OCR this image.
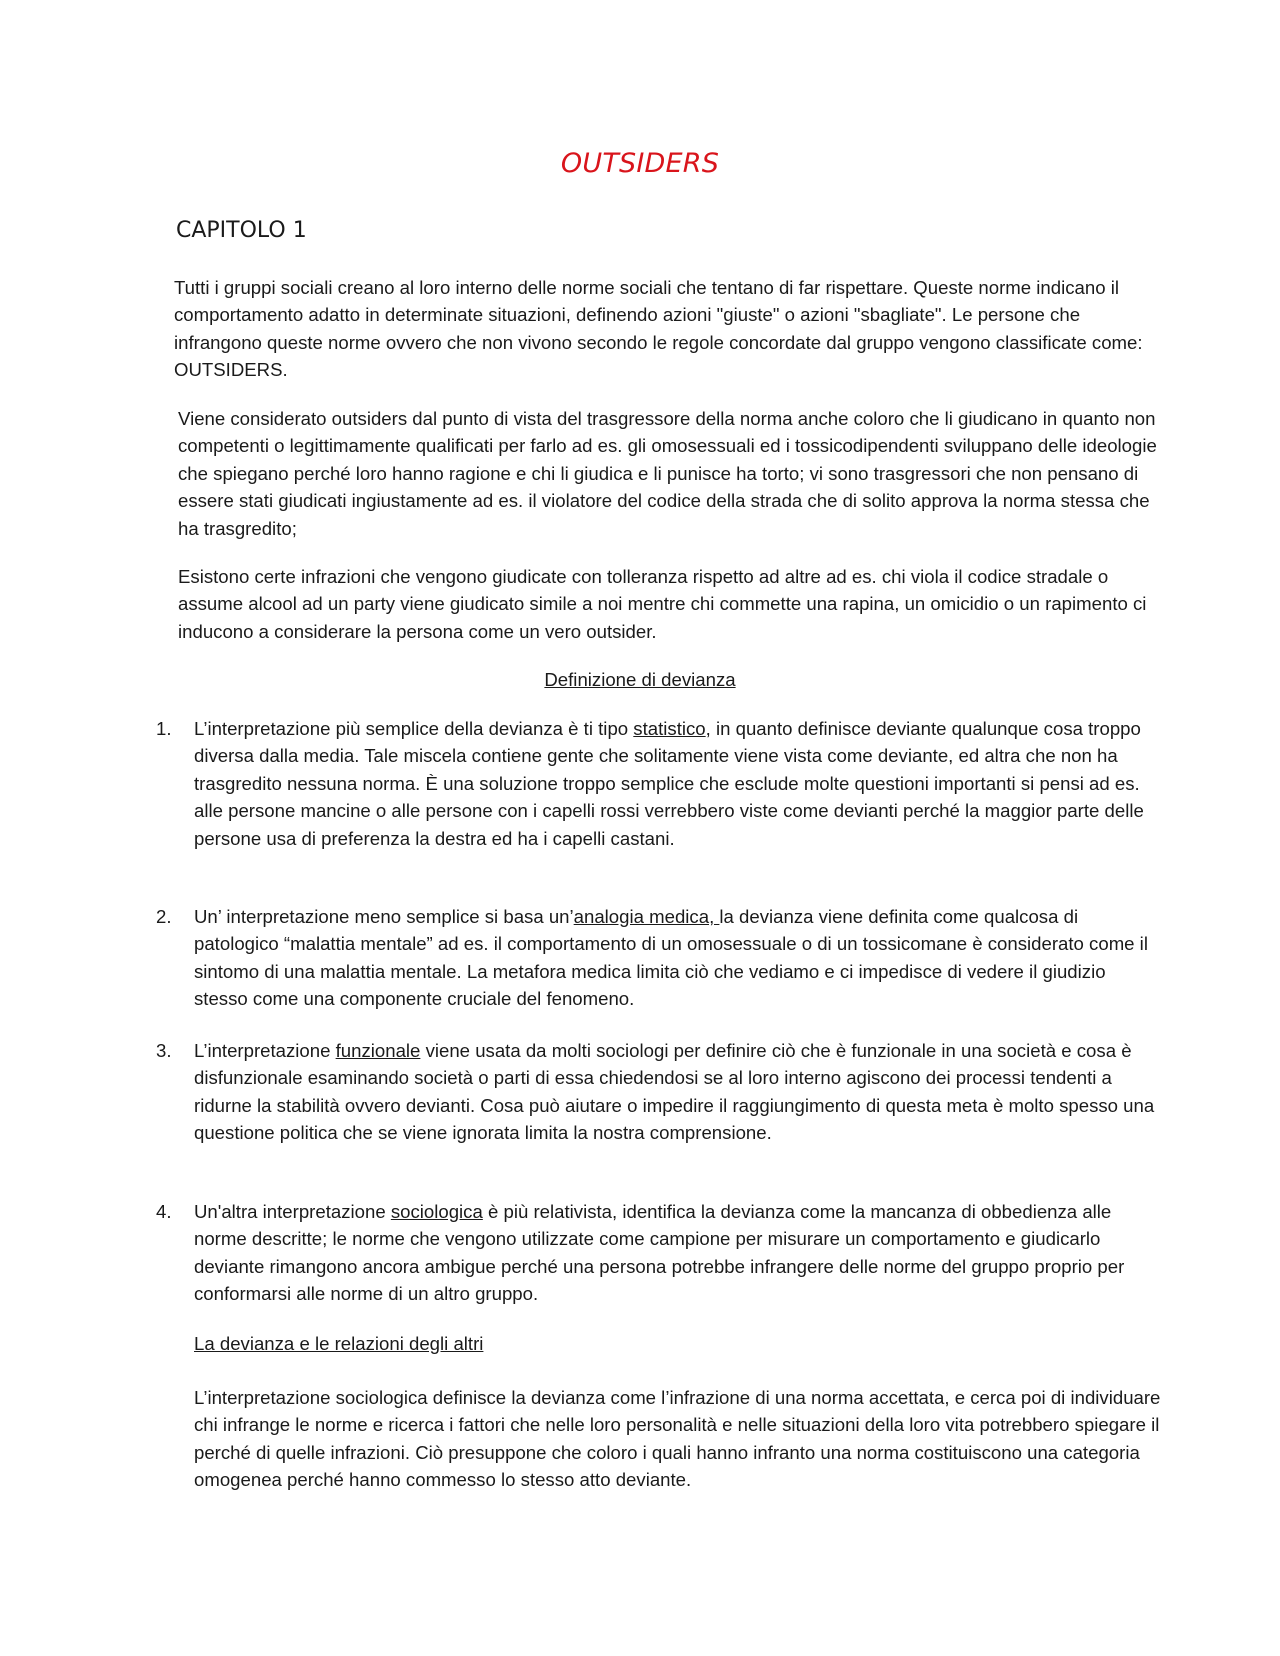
OUTSIDERS
CAPITOLO 1

Tutti i gruppi sociali creano al loro interno delle norme sociali che tentano di far rispettare. Queste norme indicano il comportamento adatto in determinate situazioni, definendo azioni "giuste" o azioni "sbagliate". Le persone che infrangono queste norme ovvero che non vivono secondo le regole concordate dal gruppo vengono classificate come: OUTSIDERS.

Viene considerato outsiders dal punto di vista del trasgressore della norma anche coloro che li giudicano in quanto non competenti o legittimamente qualificati per farlo ad es. gli omosessuali ed i tossicodipendenti sviluppano delle ideologie che spiegano perché loro hanno ragione e chi li giudica e li punisce ha torto; vi sono trasgressori che non pensano di essere stati giudicati ingiustamente ad es. il violatore del codice della strada che di solito approva la norma stessa che ha trasgredito;

Esistono certe infrazioni che vengono giudicate con tolleranza rispetto ad altre ad es. chi viola il codice stradale o assume alcool ad un party viene giudicato simile a noi mentre chi commette una rapina, un omicidio o un rapimento ci inducono a considerare la persona come un vero outsider.

Definizione di devianza
1. L’interpretazione più semplice della devianza è ti tipo statistico, in quanto definisce deviante qualunque cosa troppo diversa dalla media. Tale miscela contiene gente che solitamente viene vista come deviante, ed altra che non ha trasgredito nessuna norma. È una soluzione troppo semplice che esclude molte questioni importanti si pensi ad es. alle persone mancine o alle persone con i capelli rossi verrebbero viste come devianti perché la maggior parte delle persone usa di preferenza la destra ed ha i capelli castani.

2. Un’ interpretazione meno semplice si basa un’analogia medica, la devianza viene definita come qualcosa di patologico “malattia mentale” ad es. il comportamento di un omosessuale o di un tossicomane è considerato come il sintomo di una malattia mentale. La metafora medica limita ciò che vediamo e ci impedisce di vedere il giudizio stesso come una componente cruciale del fenomeno.

3. L’interpretazione funzionale viene usata da molti sociologi per definire ciò che è funzionale in una società e cosa è disfunzionale esaminando società o parti di essa chiedendosi se al loro interno agiscono dei processi tendenti a ridurne la stabilità ovvero devianti. Cosa può aiutare o impedire il raggiungimento di questa meta è molto spesso una questione politica che se viene ignorata limita la nostra comprensione.

4. Un'altra interpretazione sociologica è più relativista, identifica la devianza come la mancanza di obbedienza alle norme descritte; le norme che vengono utilizzate come campione per misurare un comportamento e giudicarlo deviante rimangono ancora ambigue perché una persona potrebbe infrangere delle norme del gruppo proprio per conformarsi alle norme di un altro gruppo.

La devianza e le relazioni degli altri

L’interpretazione sociologica definisce la devianza come l’infrazione di una norma accettata, e cerca poi di individuare chi infrange le norme e ricerca i fattori che nelle loro personalità e nelle situazioni della loro vita potrebbero spiegare il perché di quelle infrazioni. Ciò presuppone che coloro i quali hanno infranto una norma costituiscono una categoria omogenea perché hanno commesso lo stesso atto deviante.
